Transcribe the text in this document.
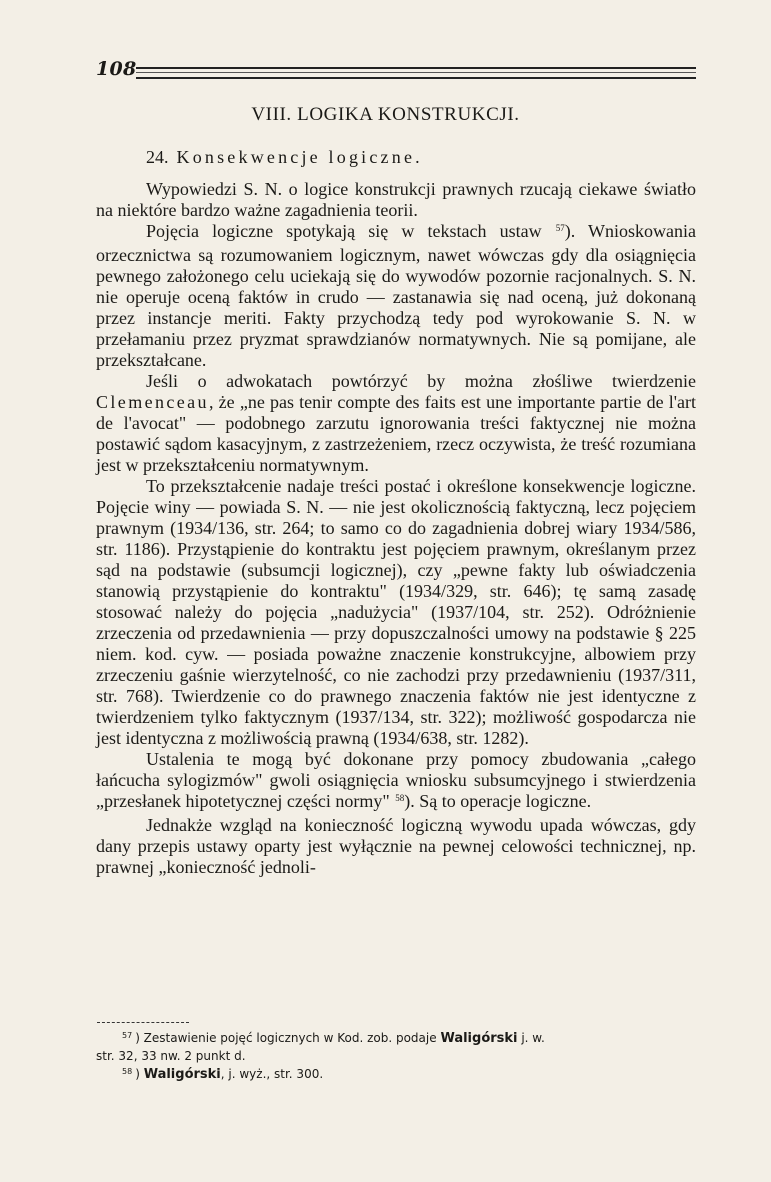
108
VIII. LOGIKA KONSTRUKCJI.
24. Konsekwencje logiczne.

Wypowiedzi S. N. o logice konstrukcji prawnych rzucają ciekawe światło na niektóre bardzo ważne zagadnienia teorii.

Pojęcia logiczne spotykają się w tekstach ustaw $^{57}$). Wnioskowania orzecznictwa są rozumowaniem logicznym, nawet wówczas gdy dla osiągnięcia pewnego założonego celu uciekają się do wywodów pozornie racjonalnych. S. N. nie operuje oceną faktów in crudo — zastanawia się nad oceną, już dokonaną przez instancje meriti. Fakty przychodzą tedy pod wyrokowanie S. N. w przełamaniu przez pryzmat sprawdzianów normatywnych. Nie są pomijane, ale przekształcane.

Jeśli o adwokatach powtórzyć by można złośliwe twierdzenie Clemenceau, że „ne pas tenir compte des faits est une importante partie de l'art de l'avocat" — podobnego zarzutu ignorowania treści faktycznej nie można postawić sądom kasacyjnym, z zastrzeżeniem, rzecz oczywista, że treść rozumiana jest w przekształceniu normatywnym.

To przekształcenie nadaje treści postać i określone konsekwencje logiczne. Pojęcie winy — powiada S. N. — nie jest okolicznością faktyczną, lecz pojęciem prawnym (1934/136, str. 264; to samo co do zagadnienia dobrej wiary 1934/586, str. 1186). Przystąpienie do kontraktu jest pojęciem prawnym, określanym przez sąd na podstawie (subsumcji logicznej), czy „pewne fakty lub oświadczenia stanowią przystąpienie do kontraktu" (1934/329, str. 646); tę samą zasadę stosować należy do pojęcia „nadużycia" (1937/104, str. 252). Odróżnienie zrzeczenia od przedawnienia — przy dopuszczalności umowy na podstawie § 225 niem. kod. cyw. — posiada poważne znaczenie konstrukcyjne, albowiem przy zrzeczeniu gaśnie wierzytelność, co nie zachodzi przy przedawnieniu (1937/311, str. 768). Twierdzenie co do prawnego znaczenia faktów nie jest identyczne z twierdzeniem tylko faktycznym (1937/134, str. 322); możliwość gospodarcza nie jest identyczna z możliwością prawną (1934/638, str. 1282).

Ustalenia te mogą być dokonane przy pomocy zbudowania „całego łańcucha sylogizmów" gwoli osiągnięcia wniosku subsumcyjnego i stwierdzenia „przesłanek hipotetycznej części normy" $^{58}$). Są to operacje logiczne.

Jednakże wzgląd na konieczność logiczną wywodu upada wówczas, gdy dany przepis ustawy oparty jest wyłącznie na pewnej celowości technicznej, np. prawnej „konieczność jednoli-

$^{57}$ ) Zestawienie pojęć logicznych w Kod. zob. podaje Waligórski j. w.
str. 32, 33 nw. 2 punkt d.

$^{58}$ ) Waligórski, j. wyż., str. 300.
